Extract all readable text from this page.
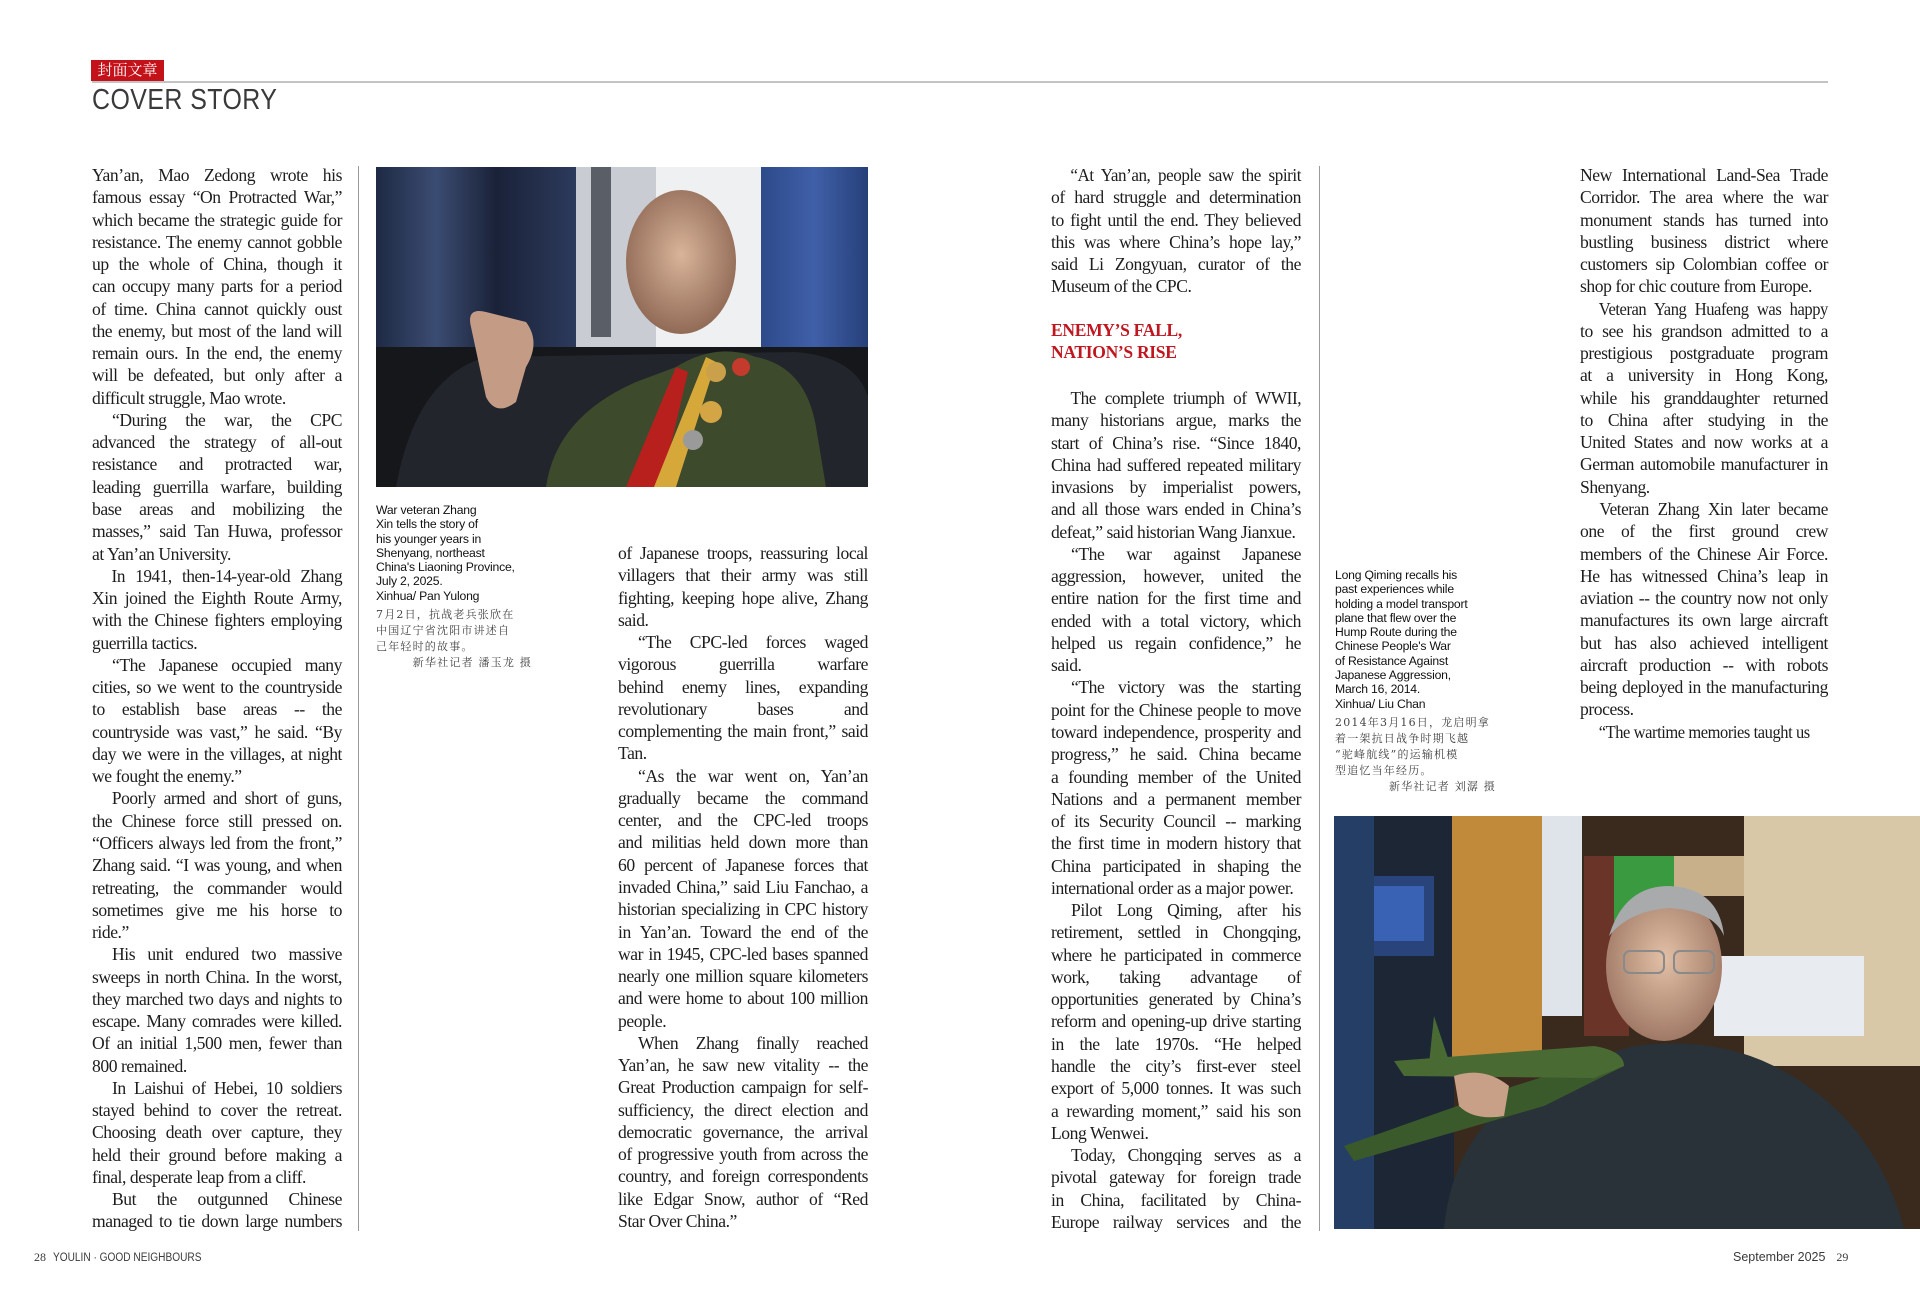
封面文章
COVER STORY
Yan’an, Mao Zedong wrote his
famous essay “On Protracted War,”
which became the strategic guide for
resistance. The enemy cannot gobble
up the whole of China, though it
can occupy many parts for a period
of time. China cannot quickly oust
the enemy, but most of the land will
remain ours. In the end, the enemy
will be defeated, but only after a
difficult struggle, Mao wrote.
“During the war, the CPC
advanced the strategy of all-out
resistance and protracted war,
leading guerrilla warfare, building
base areas and mobilizing the
masses,” said Tan Huwa, professor
at Yan’an University.
In 1941, then-14-year-old Zhang
Xin joined the Eighth Route Army,
with the Chinese fighters employing
guerrilla tactics.
“The Japanese occupied many
cities, so we went to the countryside
to establish base areas -- the
countryside was vast,” he said. “By
day we were in the villages, at night
we fought the enemy.”
Poorly armed and short of guns,
the Chinese force still pressed on.
“Officers always led from the front,”
Zhang said. “I was young, and when
retreating, the commander would
sometimes give me his horse to
ride.”
His unit endured two massive
sweeps in north China. In the worst,
they marched two days and nights to
escape. Many comrades were killed.
Of an initial 1,500 men, fewer than
800 remained.
In Laishui of Hebei, 10 soldiers
stayed behind to cover the retreat.
Choosing death over capture, they
held their ground before making a
final, desperate leap from a cliff.
But the outgunned Chinese
managed to tie down large numbers
War veteran Zhang
Xin tells the story of
his younger years in
Shenyang, northeast
China's Liaoning Province,
July 2, 2025.
Xinhua/ Pan Yulong
7月2日，抗战老兵张欣在
中国辽宁省沈阳市讲述自
己年轻时的故事。
新华社记者 潘玉龙 摄
of Japanese troops, reassuring local
villagers that their army was still
fighting, keeping hope alive, Zhang
said.
“The CPC-led forces waged
vigorous guerrilla warfare
behind enemy lines, expanding
revolutionary bases and
complementing the main front,” said
Tan.
“As the war went on, Yan’an
gradually became the command
center, and the CPC-led troops
and militias held down more than
60 percent of Japanese forces that
invaded China,” said Liu Fanchao, a
historian specializing in CPC history
in Yan’an. Toward the end of the
war in 1945, CPC-led bases spanned
nearly one million square kilometers
and were home to about 100 million
people.
When Zhang finally reached
Yan’an, he saw new vitality -- the
Great Production campaign for self-
sufficiency, the direct election and
democratic governance, the arrival
of progressive youth from across the
country, and foreign correspondents
like Edgar Snow, author of “Red
Star Over China.”
“At Yan’an, people saw the spirit
of hard struggle and determination
to fight until the end. They believed
this was where China’s hope lay,”
said Li Zongyuan, curator of the
Museum of the CPC.
ENEMY’S FALL,
NATION’S RISE
The complete triumph of WWII,
many historians argue, marks the
start of China’s rise. “Since 1840,
China had suffered repeated military
invasions by imperialist powers,
and all those wars ended in China’s
defeat,” said historian Wang Jianxue.
“The war against Japanese
aggression, however, united the
entire nation for the first time and
ended with a total victory, which
helped us regain confidence,” he
said.
“The victory was the starting
point for the Chinese people to move
toward independence, prosperity and
progress,” he said. China became
a founding member of the United
Nations and a permanent member
of its Security Council -- marking
the first time in modern history that
China participated in shaping the
international order as a major power.
Pilot Long Qiming, after his
retirement, settled in Chongqing,
where he participated in commerce
work, taking advantage of
opportunities generated by China’s
reform and opening-up drive starting
in the late 1970s. “He helped
handle the city’s first-ever steel
export of 5,000 tonnes. It was such
a rewarding moment,” said his son
Long Wenwei.
Today, Chongqing serves as a
pivotal gateway for foreign trade
in China, facilitated by China-
Europe railway services and the
Long Qiming recalls his
past experiences while
holding a model transport
plane that flew over the
Hump Route during the
Chinese People's War
of Resistance Against
Japanese Aggression,
March 16, 2014.
Xinhua/ Liu Chan
2014年3月16日，龙启明拿
着一架抗日战争时期飞越
“驼峰航线”的运输机模
型追忆当年经历。
新华社记者 刘潺 摄
New International Land-Sea Trade
Corridor. The area where the war
monument stands has turned into
bustling business district where
customers sip Colombian coffee or
shop for chic couture from Europe.
Veteran Yang Huafeng was happy
to see his grandson admitted to a
prestigious postgraduate program
at a university in Hong Kong,
while his granddaughter returned
to China after studying in the
United States and now works at a
German automobile manufacturer in
Shenyang.
Veteran Zhang Xin later became
one of the first ground crew
members of the Chinese Air Force.
He has witnessed China’s leap in
aviation -- the country now not only
manufactures its own large aircraft
but has also achieved intelligent
aircraft production -- with robots
being deployed in the manufacturing
process.
“The wartime memories taught us
28 YOULIN · GOOD NEIGHBOURS	September 2025 29
